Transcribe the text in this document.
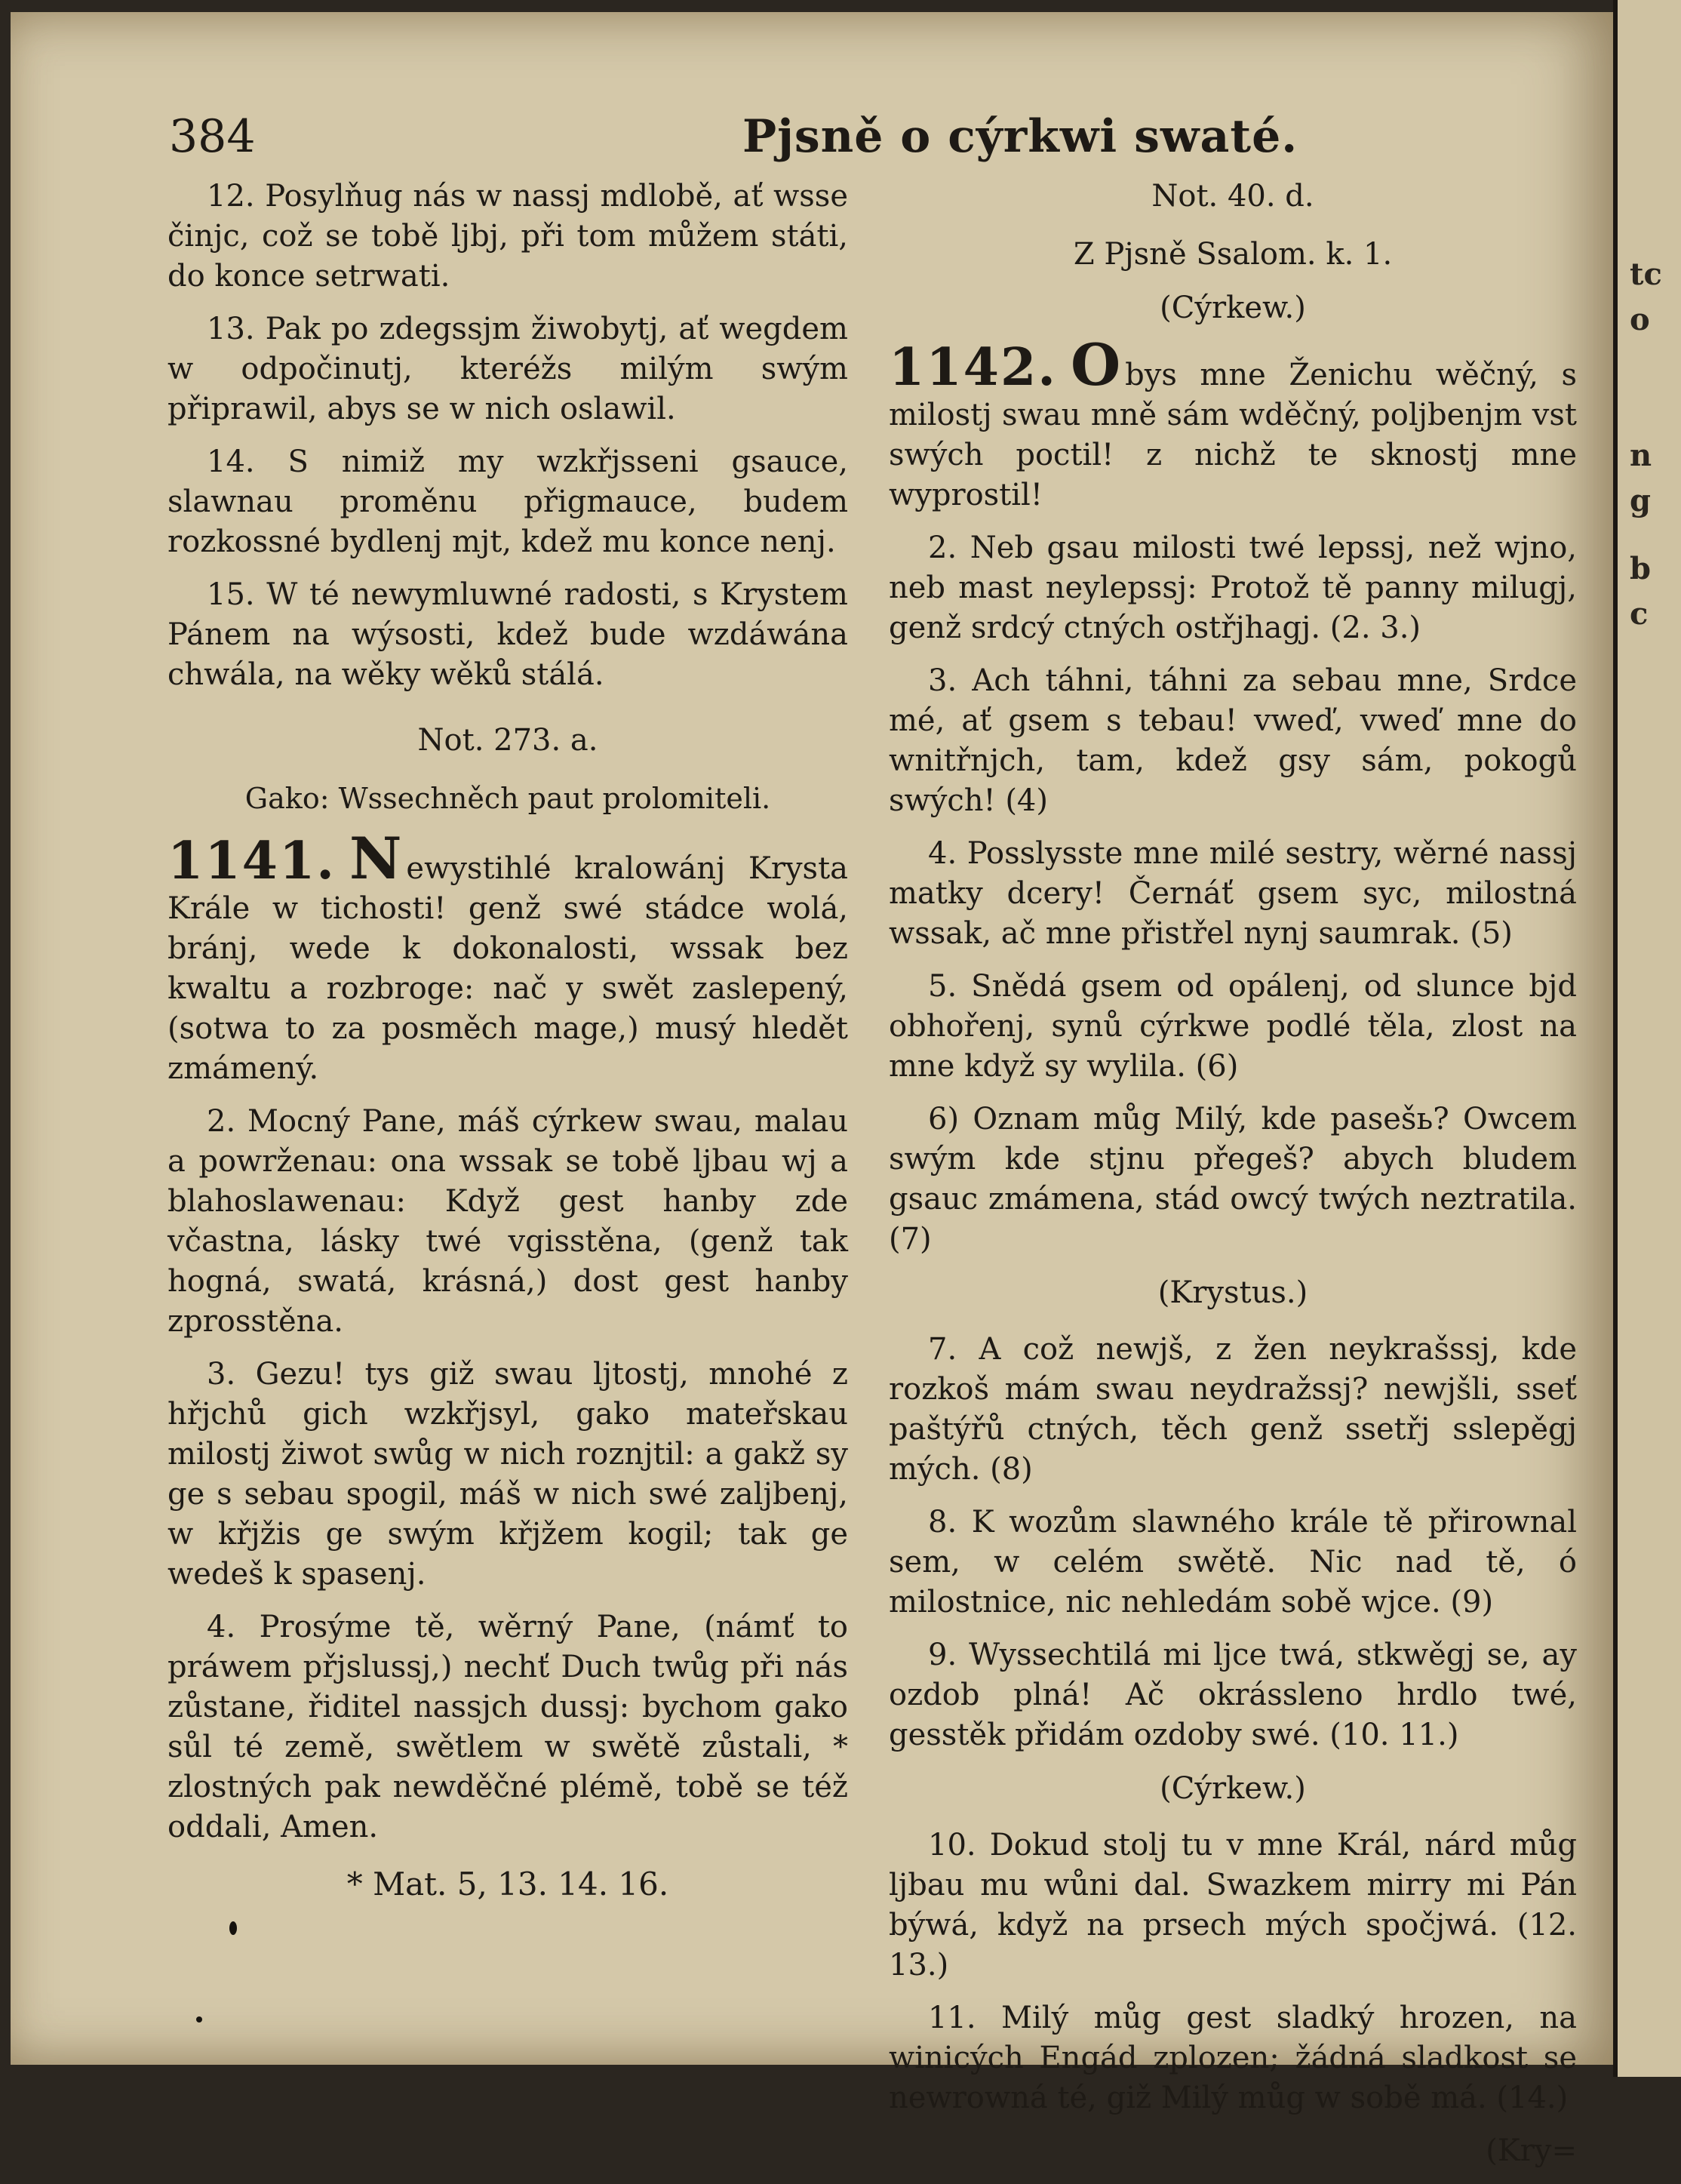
384	Pjsně o cýrkwi swaté.

12. Posylňug nás w nassj mdlobě, ať wsse činjc, což se tobě ljbj, při tom můžem státi, do konce setrwati.

13. Pak po zdegssjm žiwobytj, ať wegdem w odpočinutj, kteréžs milým swým připrawil, abys se w nich oslawil.

14. S nimiž my wzkřjsseni gsauce, slawnau proměnu přigmauce, budem rozkossné bydlenj mjt, kdež mu konce nenj.

15. W té newymluwné radosti, s Krystem Pánem na wýsosti, kdež bude wzdáwána chwála, na wěky wěků stálá.

Not. 273. a.

Gako: Wssechněch paut prolomiteli.

1141. N ewystihlé kralowánj Krysta Krále w tichosti! genž swé stádce wolá, bránj, wede k dokonalosti, wssak bez kwaltu a rozbroge: nač y swět zaslepený, (sotwa to za posměch mage,) musý hledět zmámený.

2. Mocný Pane, máš cýrkew swau, malau a powrženau: ona wssak se tobě ljbau wj a blahoslawenau: Když gest hanby zde včastna, lásky twé vgisstěna, (genž tak hogná, swatá, krásná,) dost gest hanby zprosstěna.

3. Gezu! tys giž swau ljtostj, mnohé z hřjchů gich wzkřjsyl, gako mateřskau milostj žiwot swůg w nich roznjtil: a gakž sy ge s sebau spogil, máš w nich swé zaljbenj, w křjžis ge swým křjžem kogil; tak ge wedeš k spasenj.

4. Prosýme tě, wěrný Pane, (námť to práwem přjslussj,) nechť Duch twůg při nás zůstane, řiditel nassjch dussj: bychom gako sůl té země, swětlem w swětě zůstali, * zlostných pak newděčné plémě, tobě se též oddali, Amen.

* Mat. 5, 13. 14. 16.

Not. 40. d.

Z Pjsně Ssalom. k. 1.

(Cýrkew.)

1142. O bys mne Ženichu wěčný, s milostj swau mně sám wděčný, poljbenjm vst swých poctil! z nichž te sknostj mne wyprostil!

2. Neb gsau milosti twé lepssj, než wjno, neb mast neylepssj: Protož tě panny milugj, genž srdcý ctných ostřjhagj. (2. 3.)

3. Ach táhni, táhni za sebau mne, Srdce mé, ať gsem s tebau! vweď, vweď mne do wnitřnjch, tam, kdež gsy sám, pokogů swých! (4)

4. Posslysste mne milé sestry, wěrné nassj matky dcery! Černáť gsem syc, milostná wssak, ač mne přistřel nynj saumrak. (5)

5. Snědá gsem od opálenj, od slunce bjd obhořenj, synů cýrkwe podlé těla, zlost na mne když sy wylila. (6)

6) Oznam můg Milý, kde pasešь? Owcem swým kde stjnu přegeš? abych bludem gsauc zmámena, stád owcý twých neztratila. (7)

(Krystus.)

7. A což newjš, z žen neykrašssj, kde rozkoš mám swau neydražssj? newjšli, sseť paštýřů ctných, těch genž ssetřj sslepěgj mých. (8)

8. K wozům slawného krále tě přirownal sem, w celém swětě. Nic nad tě, ó milostnice, nic nehledám sobě wjce. (9)

9. Wyssechtilá mi ljce twá, stkwěgj se, ay ozdob plná! Ač okrássleno hrdlo twé, gesstěk přidám ozdoby swé. (10. 11.)

(Cýrkew.)

10. Dokud stolj tu v mne Král, nárd můg ljbau mu wůni dal. Swazkem mirry mi Pán býwá, když na prsech mých spočjwá. (12. 13.)

11. Milý můg gest sladký hrozen, na winicých Engád zplozen; žádná sladkost se newrowná té, giž Milý můg w sobě má. (14.)

(Kry=

tc
o
n
g
b
c
